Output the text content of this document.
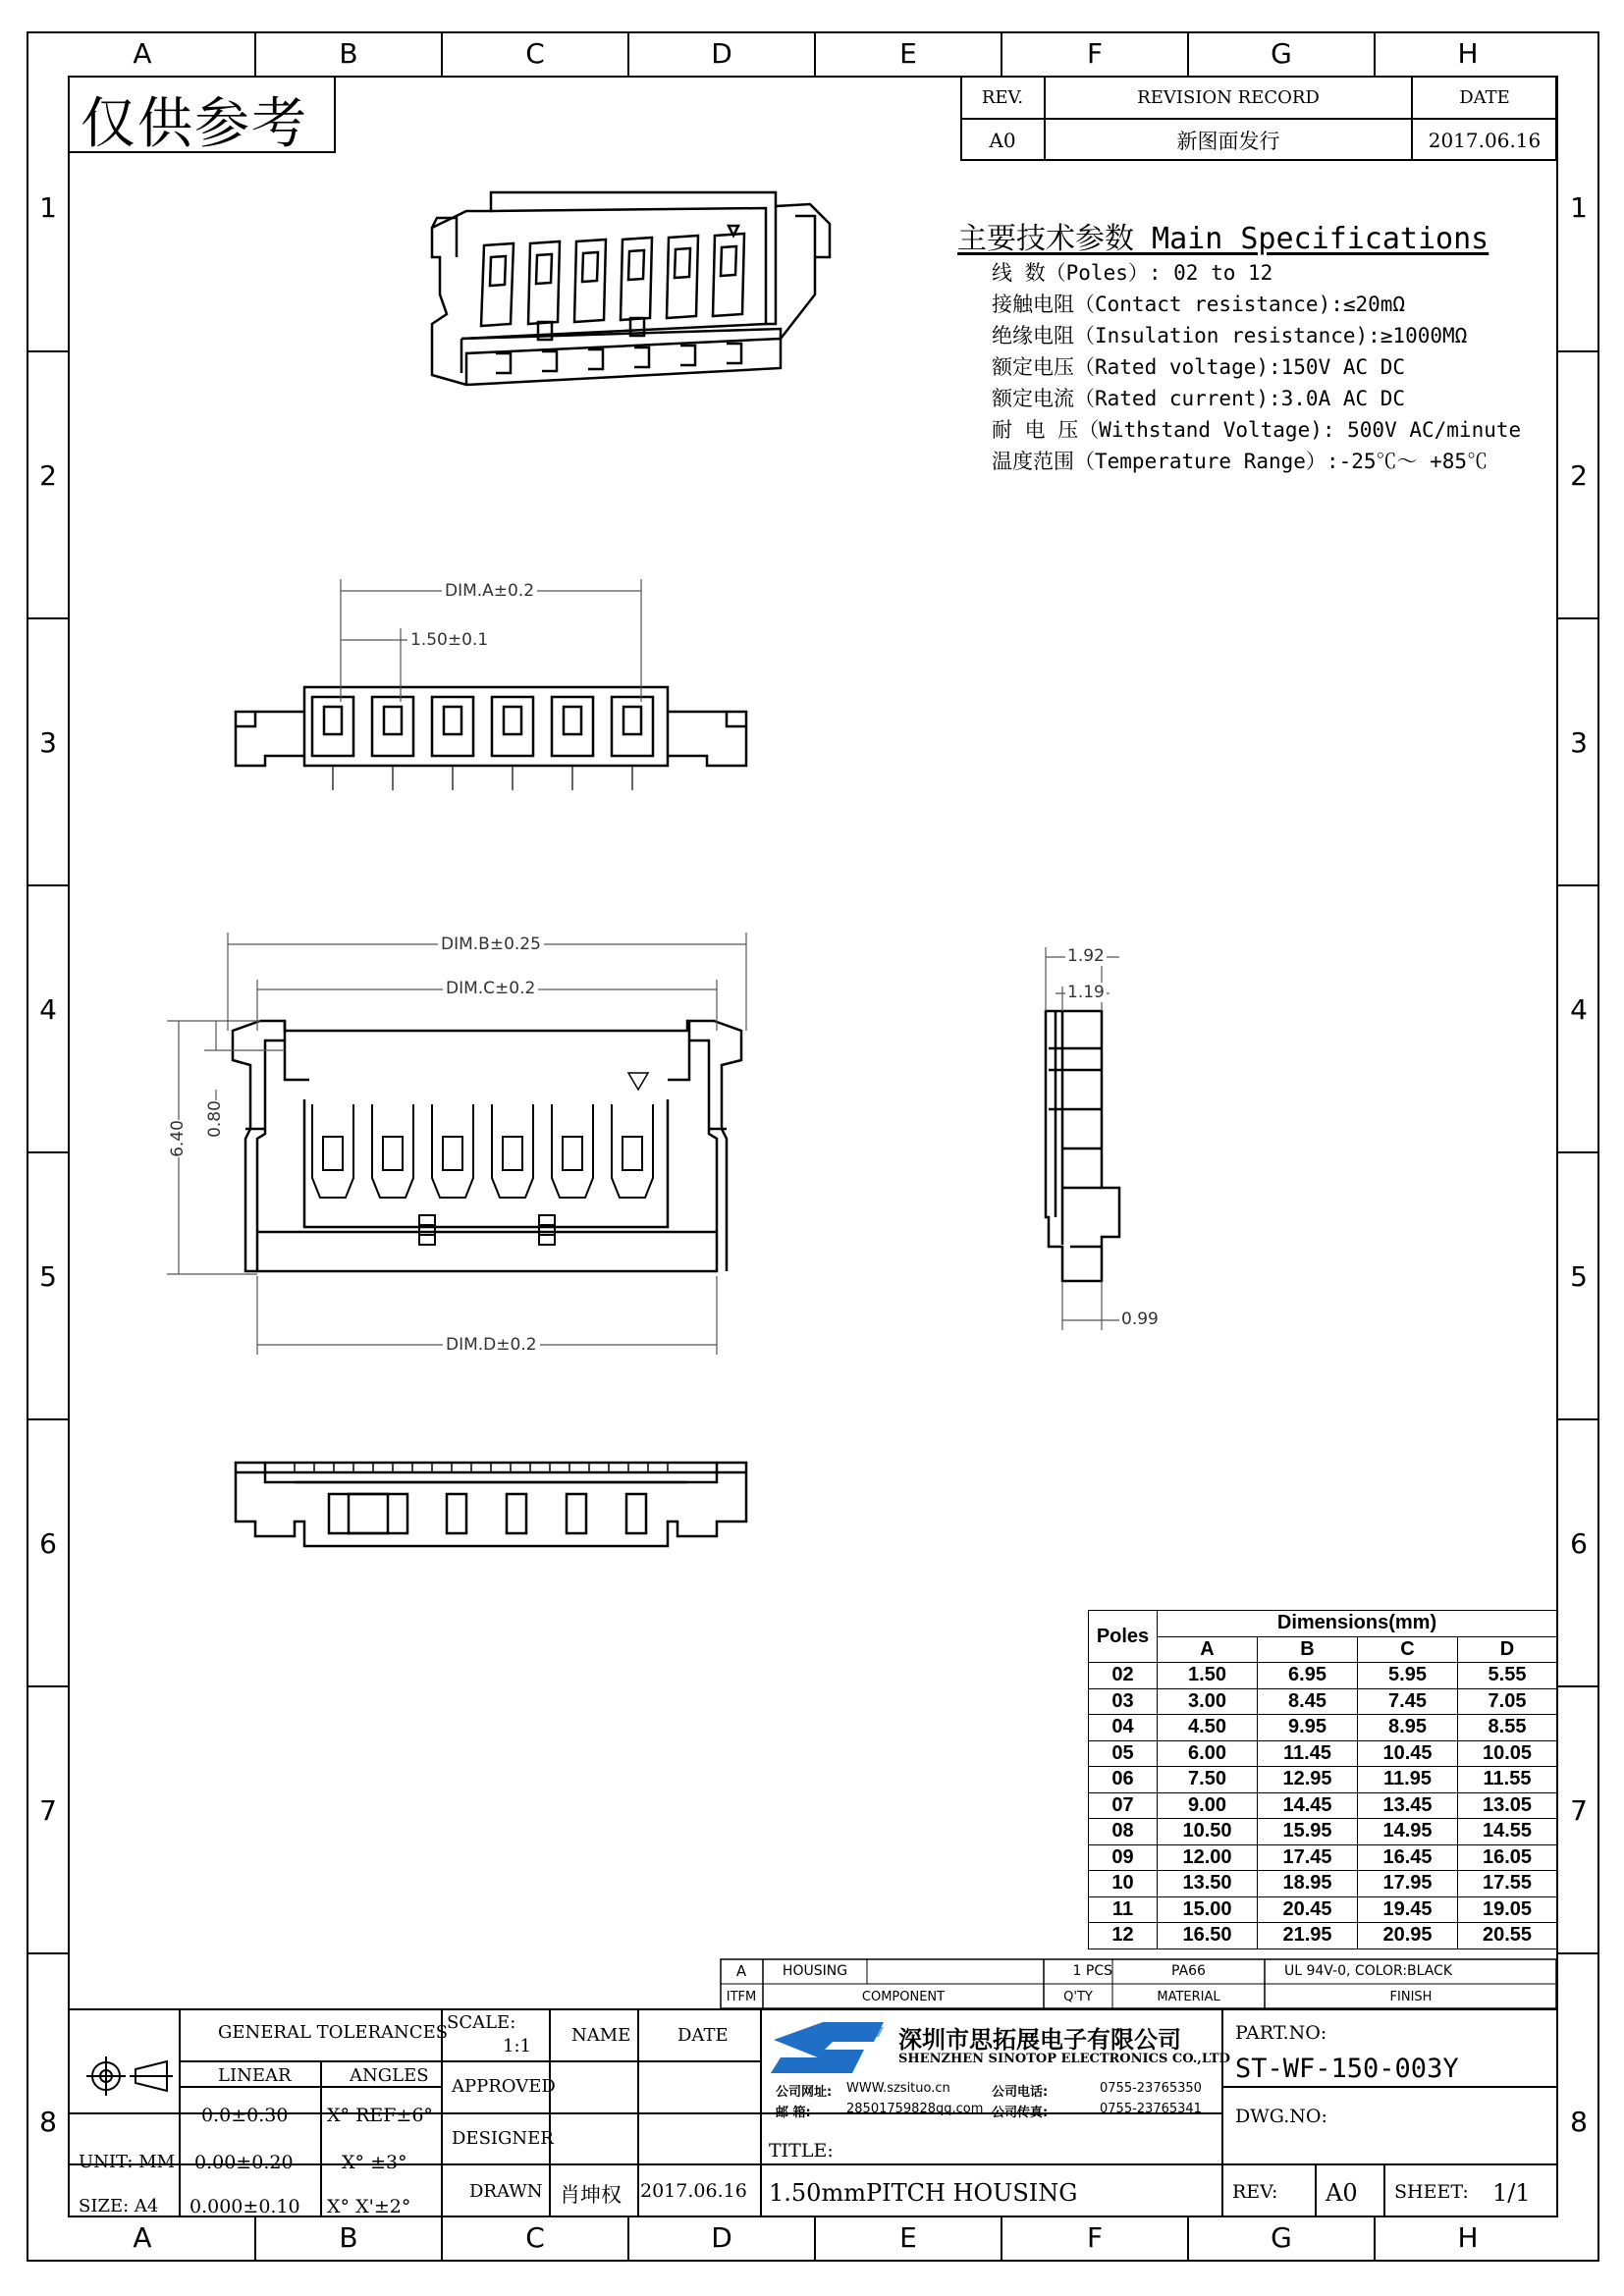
A	B	C	D	E	F	G	H
A	B	C	D	E	F	G	H
1
2
3
4
5
6
7
8
1
2
3
4
5
6
7
8
仅供参考	REV.	REVISION RECORD	DATE
A0	新图面发行	2017.06.16
主要技术参数 Main Specifications
线 数（Poles）: 02 to 12
接触电阻（Contact resistance):≤20mΩ
绝缘电阻（Insulation resistance):≥1000MΩ
额定电压（Rated voltage):150V AC DC
额定电流（Rated current):3.0A AC DC
耐 电 压（Withstand Voltage): 500V AC/minute
温度范围（Temperature Range）:-25℃～ +85℃
DIM.A±0.2
1.50±0.1
DIM.B±0.25
DIM.C±0.2
DIM.D±0.2
6.40
0.80
1.92
1.19
0.99
Poles	Dimensions(mm)			
	A	B	C	D
02	1.50	6.95	5.95	5.55
03	3.00	8.45	7.45	7.05
04	4.50	9.95	8.95	8.55
05	6.00	11.45	10.45	10.05
06	7.50	12.95	11.95	11.55
07	9.00	14.45	13.45	13.05
08	10.50	15.95	14.95	14.55
09	12.00	17.45	16.45	16.05
10	13.50	18.95	17.95	17.55
11	15.00	20.45	19.45	19.05
12	16.50	21.95	20.95	20.55
A	HOUSING	1 PCS	PA66	UL 94V-0, COLOR:BLACK
ITFM	COMPONENT	Q'TY	MATERIAL	FINISH
GENERAL TOLERANCES
LINEAR	ANGLES
0.0±0.30 X° REF±6°
UNIT: MM 0.00±0.20	X° ±3°
SIZE: A4 0.000±0.10 X° X'±2°
SCALE:
1:1
NAME	DATE
APPROVED
DESIGNER
DRAWN 肖坤权 2017.06.16
深圳市思拓展电子有限公司
SHENZHEN SINOTOP ELECTRONICS CO.,LTD
公司网址: WWW.szsituo.cn	公司电话:	0755-23765350
邮 箱:	28501759828qq.com 公司传真:	0755-23765341
TITLE:
1.50mmPITCH HOUSING
PART.NO:
ST-WF-150-003Y
DWG.NO:
REV: A0 SHEET: 1/1
